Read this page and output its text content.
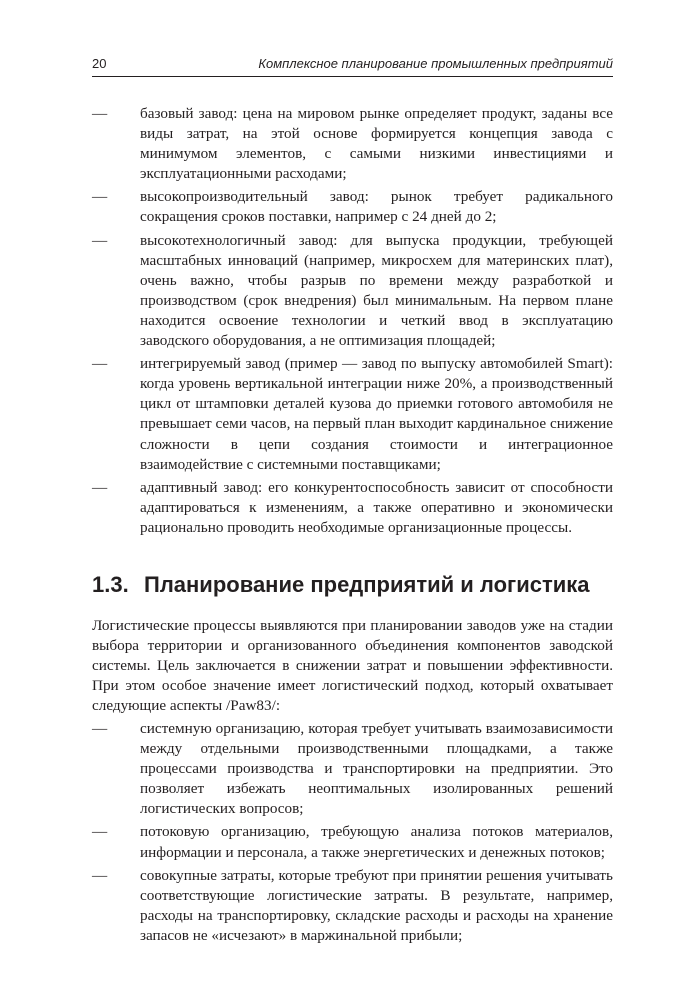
20	Комплексное планирование промышленных предприятий
— базовый завод: цена на мировом рынке определяет продукт, заданы все виды затрат, на этой основе формируется концепция завода с минимумом элементов, с самыми низкими инвестициями и эксплуатационными расходами;
— высокопроизводительный завод: рынок требует радикального сокращения сроков поставки, например с 24 дней до 2;
— высокотехнологичный завод: для выпуска продукции, требующей масштабных инноваций (например, микросхем для материнских плат), очень важно, чтобы разрыв по времени между разработкой и производством (срок внедрения) был минимальным. На первом плане находится освоение технологии и четкий ввод в эксплуатацию заводского оборудования, а не оптимизация площадей;
— интегрируемый завод (пример — завод по выпуску автомобилей Smart): когда уровень вертикальной интеграции ниже 20%, а производственный цикл от штамповки деталей кузова до приемки готового автомобиля не превышает семи часов, на первый план выходит кардинальное снижение сложности в цепи создания стоимости и интеграционное взаимодействие с системными поставщиками;
— адаптивный завод: его конкурентоспособность зависит от способности адаптироваться к изменениям, а также оперативно и экономически рационально проводить необходимые организационные процессы.
1.3. Планирование предприятий и логистика

Логистические процессы выявляются при планировании заводов уже на стадии выбора территории и организованного объединения компонентов заводской системы. Цель заключается в снижении затрат и повышении эффективности. При этом особое значение имеет логистический подход, который охватывает следующие аспекты /Paw83/:

— системную организацию, которая требует учитывать взаимозависимости между отдельными производственными площадками, а также процессами производства и транспортировки на предприятии. Это позволяет избежать неоптимальных изолированных решений логистических вопросов;
— потоковую организацию, требующую анализа потоков материалов, информации и персонала, а также энергетических и денежных потоков;
— совокупные затраты, которые требуют при принятии решения учитывать соответствующие логистические затраты. В результате, например, расходы на транспортировку, складские расходы и расходы на хранение запасов не «исчезают» в маржинальной прибыли;
